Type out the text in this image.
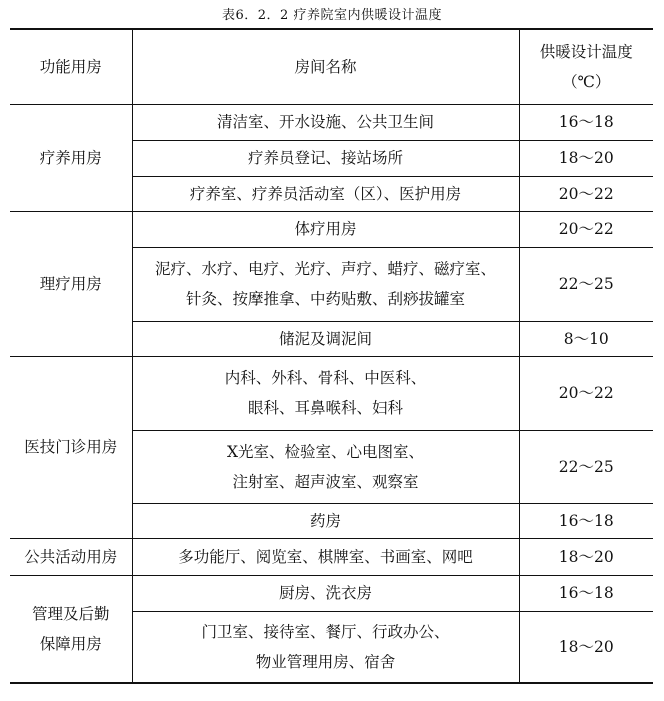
表6．2．2 疗养院室内供暖设计温度
功能用房	房间名称	供暖设计温度
（℃）

疗养用房	清洁室、开水设施、公共卫生间	16～18
	疗养员登记、接站场所	18～20
	疗养室、疗养员活动室（区）、医护用房	20～22
理疗用房	体疗用房	20～22

	泥疗、水疗、电疗、光疗、声疗、蜡疗、磁疗室、
针灸、按摩推拿、中药贴敷、刮痧拔罐室	22～25
	储泥及调泥间	8～10
医技门诊用房	内科、外科、骨科、中医科、
眼科、耳鼻喉科、妇科	20～22

	X光室、检验室、心电图室、
注射室、超声波室、观察室	22～25
	药房	16～18
公共活动用房	多功能厅、阅览室、棋牌室、书画室、网吧	18～20

管理及后勤
保障用房	厨房、洗衣房	16～18

	门卫室、接待室、餐厅、行政办公、
物业管理用房、宿舍	18～20
